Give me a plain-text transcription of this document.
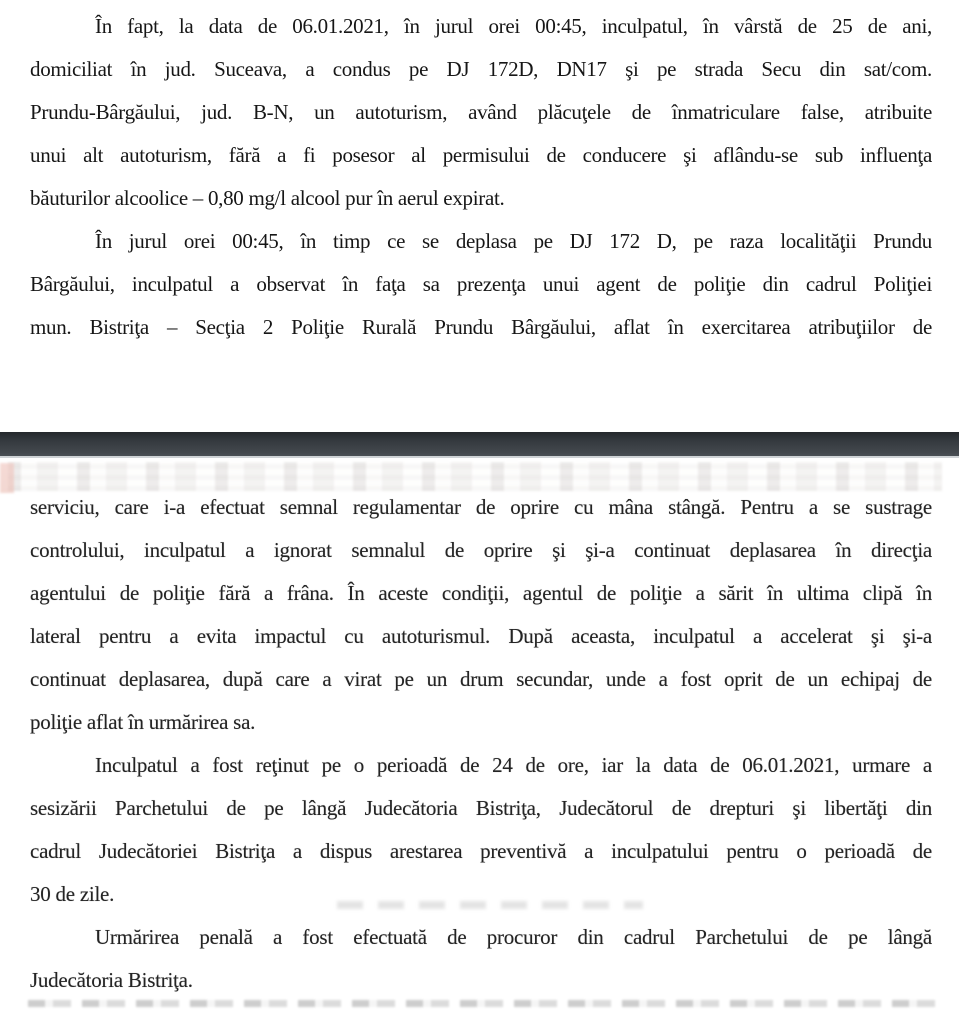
În fapt, la data de 06.01.2021, în jurul orei 00:45, inculpatul, în vârstă de 25 de ani,
domiciliat în jud. Suceava, a condus pe DJ 172D, DN17 şi pe strada Secu din sat/com.
Prundu-Bârgăului, jud. B-N, un autoturism, având plăcuţele de înmatriculare false, atribuite
unui alt autoturism, fără a fi posesor al permisului de conducere şi aflându-se sub influenţa
băuturilor alcoolice – 0,80 mg/l alcool pur în aerul expirat.
În jurul orei 00:45, în timp ce se deplasa pe DJ 172 D, pe raza localităţii Prundu
Bârgăului, inculpatul a observat în faţa sa prezenţa unui agent de poliţie din cadrul Poliţiei
mun. Bistriţa – Secţia 2 Poliţie Rurală Prundu Bârgăului, aflat în exercitarea atribuţiilor de
serviciu, care i-a efectuat semnal regulamentar de oprire cu mâna stângă. Pentru a se sustrage
controlului, inculpatul a ignorat semnalul de oprire şi şi-a continuat deplasarea în direcţia
agentului de poliţie fără a frâna. În aceste condiţii, agentul de poliţie a sărit în ultima clipă în
lateral pentru a evita impactul cu autoturismul. După aceasta, inculpatul a accelerat şi şi-a
continuat deplasarea, după care a virat pe un drum secundar, unde a fost oprit de un echipaj de
poliţie aflat în urmărirea sa.
Inculpatul a fost reţinut pe o perioadă de 24 de ore, iar la data de 06.01.2021, urmare a
sesizării Parchetului de pe lângă Judecătoria Bistriţa, Judecătorul de drepturi şi libertăţi din
cadrul Judecătoriei Bistriţa a dispus arestarea preventivă a inculpatului pentru o perioadă de
30 de zile.
Urmărirea penală a fost efectuată de procuror din cadrul Parchetului de pe lângă
Judecătoria Bistriţa.
